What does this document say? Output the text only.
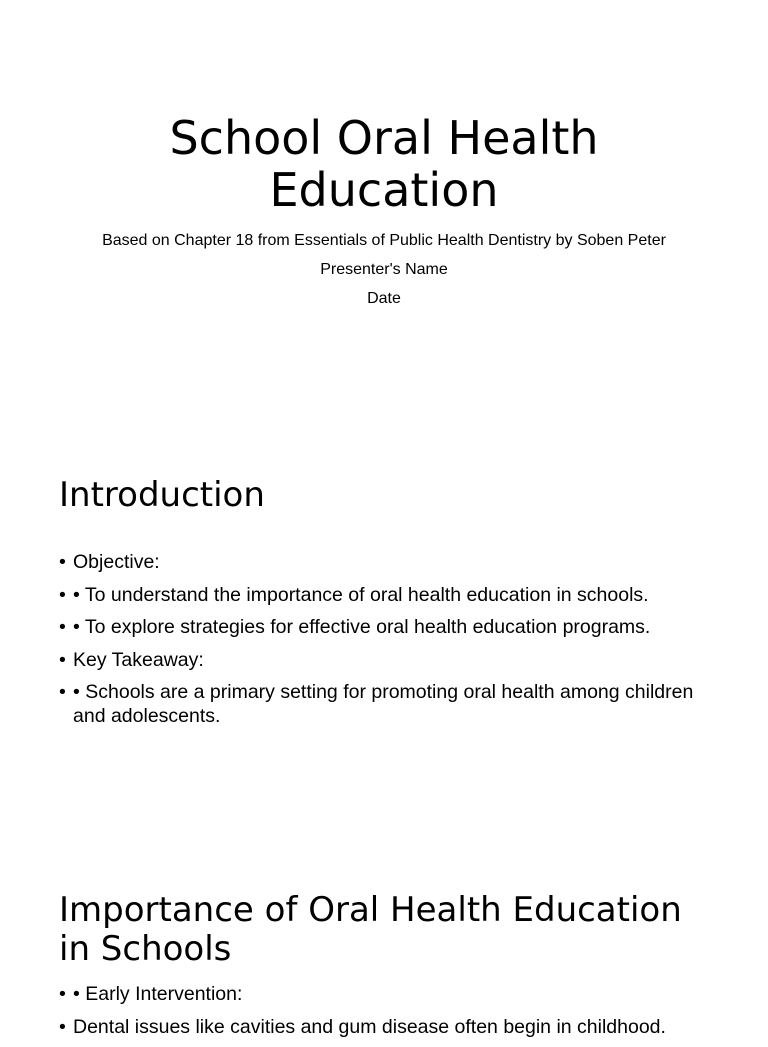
School Oral Health Education

Based on Chapter 18 from Essentials of Public Health Dentistry by Soben Peter

Presenter's Name

Date

Introduction
• Objective:
• • To understand the importance of oral health education in schools.
• • To explore strategies for effective oral health education programs.
• Key Takeaway:
• • Schools are a primary setting for promoting oral health among children and adolescents.
Importance of Oral Health Education in Schools
• • Early Intervention:
• Dental issues like cavities and gum disease often begin in childhood.
